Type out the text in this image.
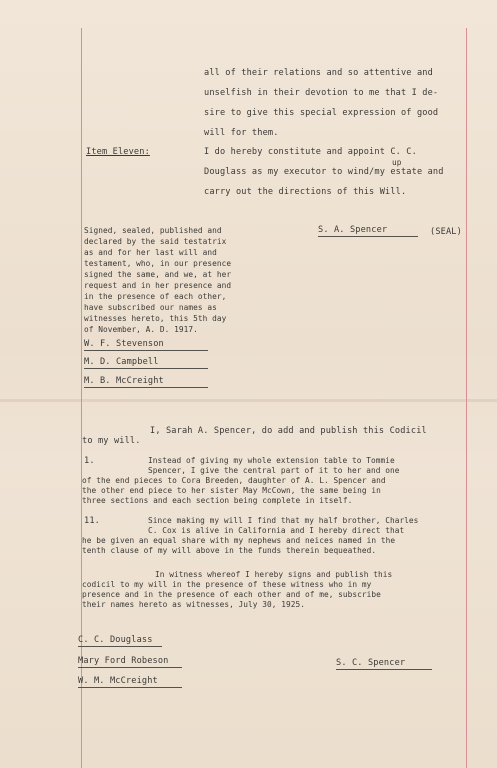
all of their relations and so attentive and
unselfish in their devotion to me that I de-
sire to give this special expression of good
will for them.
Item Eleven:	I do hereby constitute and appoint C. C.
up
Douglass as my executor to wind/my estate and
carry out the directions of this Will.
S. A. Spencer	(SEAL)
Signed, sealed, published and
declared by the said testatrix
as and for her last will and
testament, who, in our presence
signed the same, and we, at her
request and in her presence and
in the presence of each other,
have subscribed our names as
witnesses hereto, this 5th day
of November, A. D. 1917.
W. F. Stevenson
M. D. Campbell
M. B. McCreight
I, Sarah A. Spencer, do add and publish this Codicil
to my will.
1.	Instead of giving my whole extension table to Tommie
Spencer, I give the central part of it to her and one
of the end pieces to Cora Breeden, daughter of A. L. Spencer and
the other end piece to her sister May McCown, the same being in
three sections and each section being complete in itself.
11.	Since making my will I find that my half brother, Charles
C. Cox is alive in California and I hereby direct that
he be given an equal share with my nephews and neices named in the
tenth clause of my will above in the funds therein bequeathed.
In witness whereof I hereby signs and publish this
codicil to my will in the presence of these witness who in my
presence and in the presence of each other and of me, subscribe
their names hereto as witnesses, July 30, 1925.
C. C. Douglass
Mary Ford Robeson
W. M. McCreight
S. C. Spencer
